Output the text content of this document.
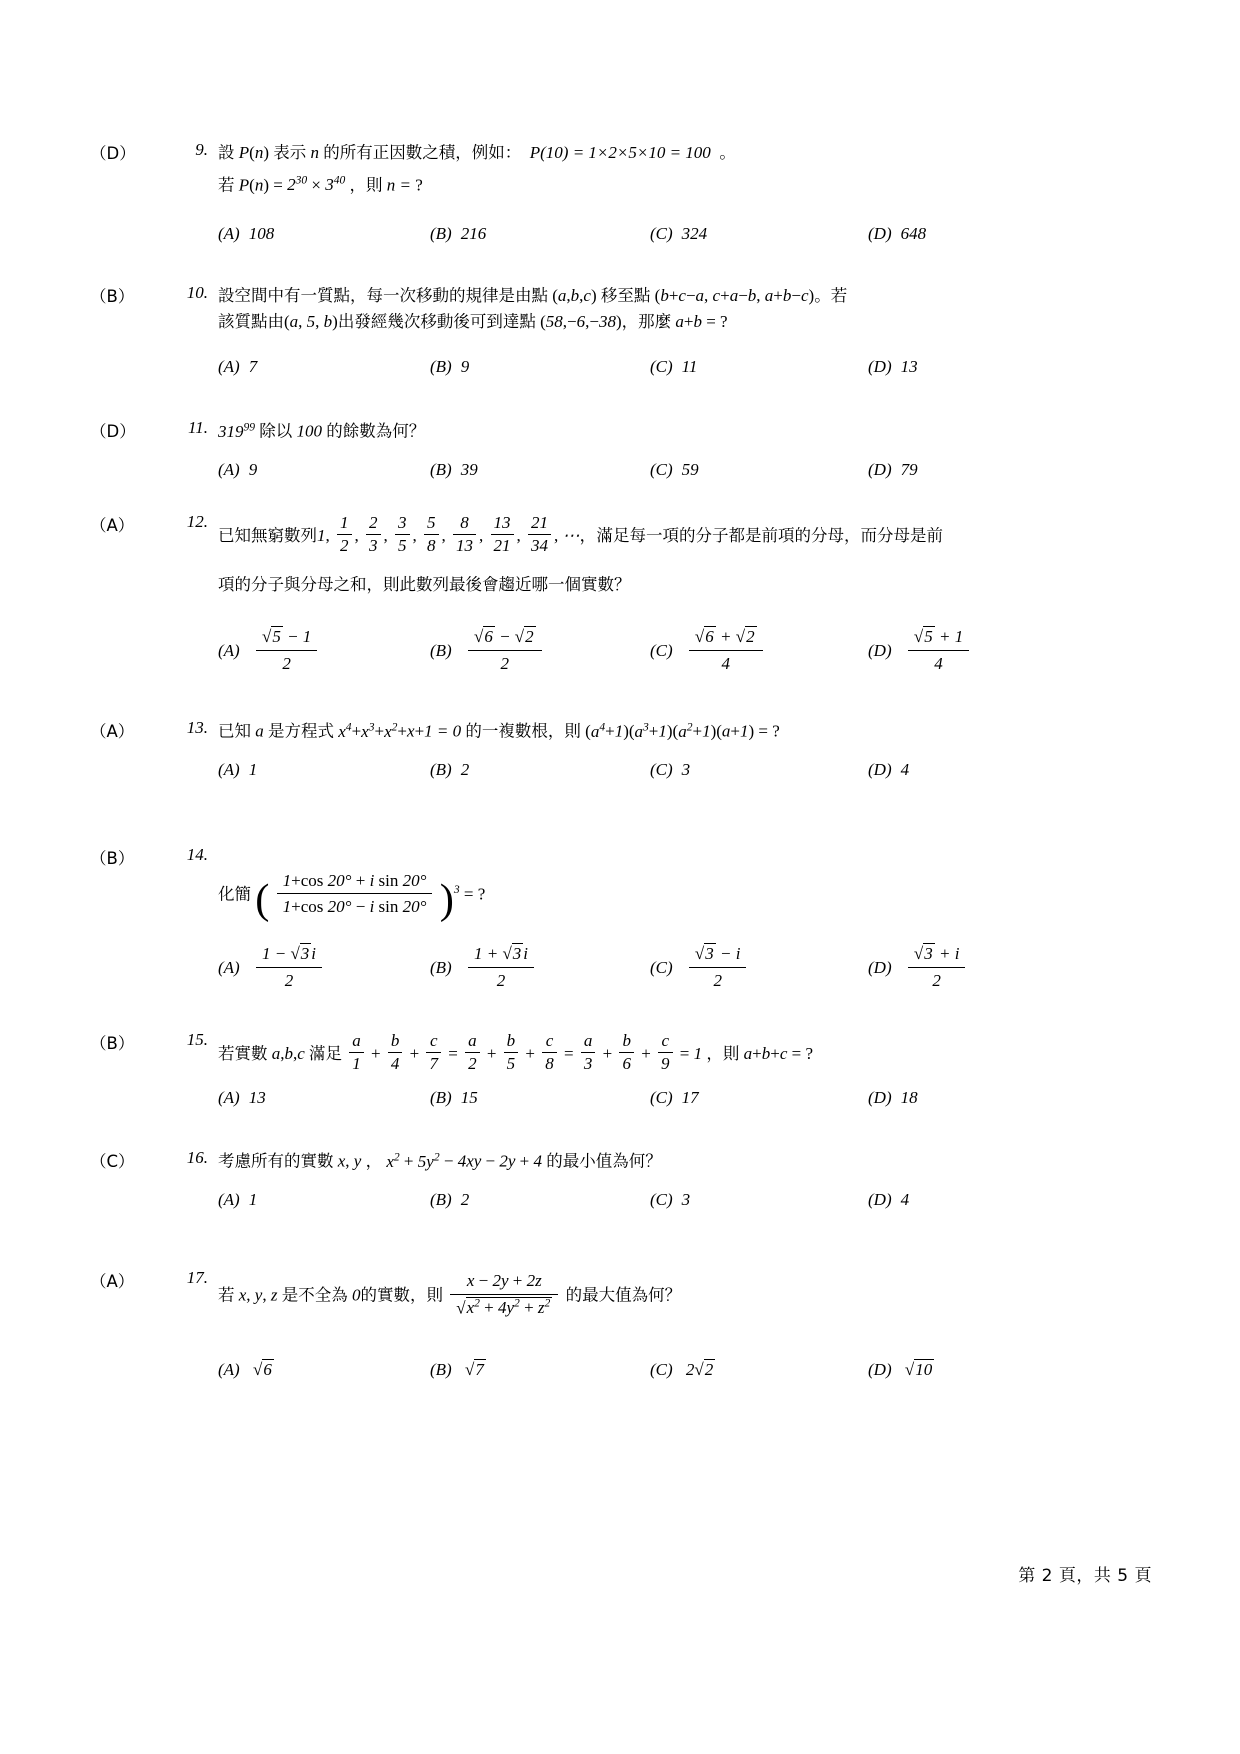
（D）	9. 設 P(n) 表示 n 的所有正因數之積，例如： P(10) = 1×2×5×10 = 100 。
若 $P(n) = 2^{30} \times 3^{40}$ ，則 n = ?
(A) 108	(B) 216	(C) 324	(D) 648
（B）	10. 設空間中有一質點，每一次移動的規律是由點 (a,b,c) 移至點 (b+c−a, c+a−b, a+b−c)。若
該質點由(a, 5, b)出發經幾次移動後可到達點 (58,−6,−38)，那麼 a+b = ?
(A) 7	(B) 9	(C) 11	(D) 13
（D）	11. $319^{99}$ 除以 100 的餘數為何？
(A) 9	(B) 39	(C) 59	(D) 79
（A）	12.
已知無窮數列1, $\frac{1}{2}$ , $\frac{2}{3}$ , $\frac{3}{5}$ , $\frac{5}{8}$ , $\frac{8}{13}$ , $\frac{13}{21}$ , $\frac{21}{34}$ , ⋯，滿足每一項的分子都是前項的分母，而分母是前
項的分子與分母之和，則此數列最後會趨近哪一個實數？
$(A) \frac{√5 - 1}{2}$	$(B) \frac{√6 - √2}{2}$	$(C) \frac{√6 + √2}{4}$	$(D) \frac{√5 + 1}{4}$
（A）	13. 已知 a 是方程式 $x^4+x^3+x^2+x+1 = 0$ 的一複數根，則 $(a^4+1)(a^3+1)(a^2+1)(a+1)$ = ?
(A) 1	(B) 2	(C) 3	(D) 4
（B）	14.
化簡 ( $\frac{\text{1+cos 20° + i sin 20°}}{\text{1+cos 20° − i sin 20°}} )^3$ = ?
$(A) \frac{1 - √3 i}{2}$	$(B) \frac{1 + √3 i}{2}$	$(C) \frac{√3 - i}{2}$	$(D) \frac{√3 + i}{2}$
（B）	15.
若實數 a,b,c 滿足 $\frac{a}{1} + \frac{b}{4} + \frac{c}{7} = \frac{a}{2} + \frac{b}{5} + \frac{c}{8} = \frac{a}{3} + \frac{b}{6} + \frac{c}{9} = 1$ ，則 a+b+c = ?
(A) 13	(B) 15	(C) 17	(D) 18
（C）	16. 考慮所有的實數 x, y ， $x^2 + 5y^2 - 4xy - 2y + 4$ 的最小值為何？
(A) 1	(B) 2	(C) 3	(D) 4
（A）	17.
若 x, y, z 是不全為 0的實數，則 $\frac{x - 2y + 2z}{√x^2 + 4y^2 + z^2}$ 的最大值為何？
(A) √6	(B) √7	(C) 2√2	(D) √10
第 2 頁，共 5 頁
